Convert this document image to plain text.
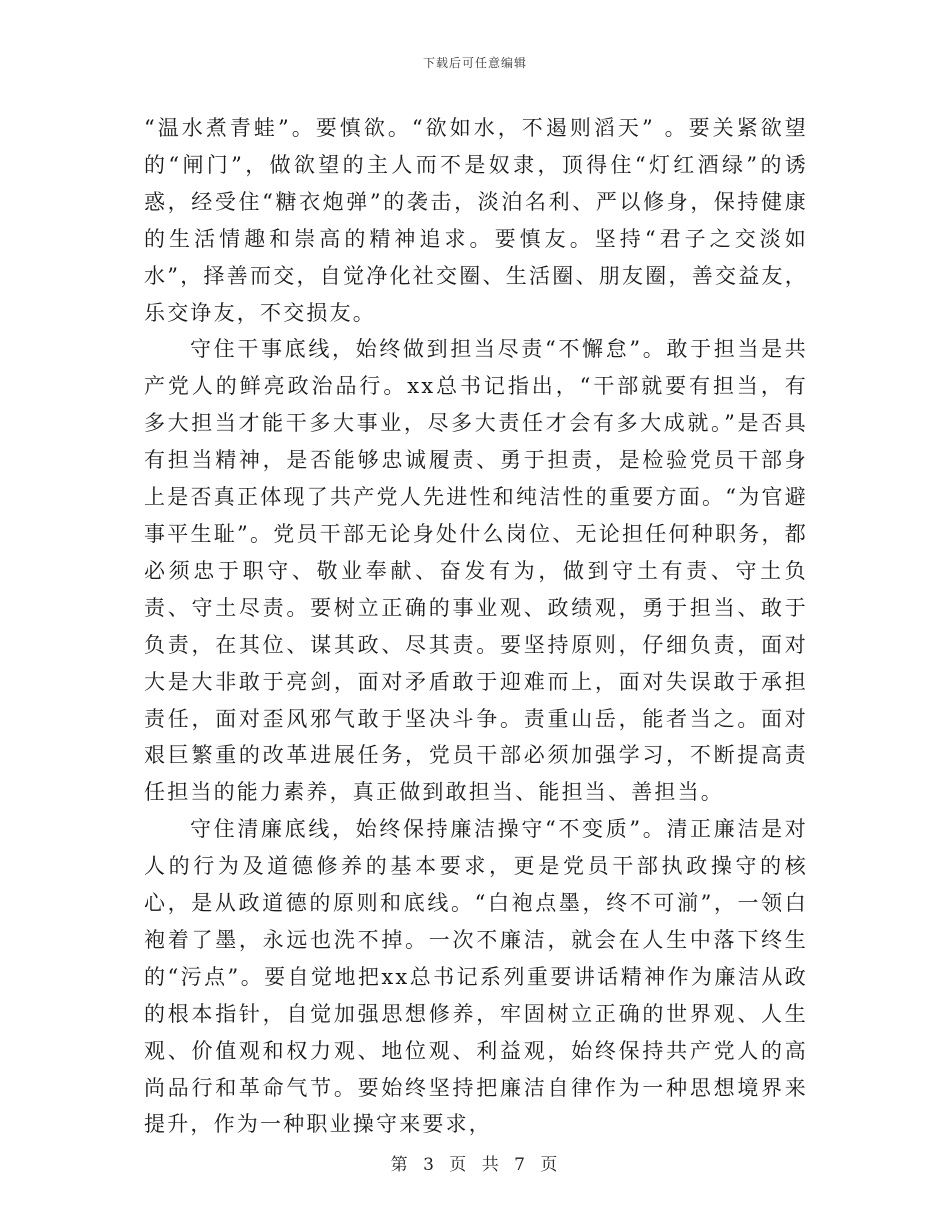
下载后可任意编辑

“温水煮青蛙”。要慎欲。“欲如水，不遏则滔天” 。要关紧欲望的“闸门”，做欲望的主人而不是奴隶，顶得住“灯红酒绿”的诱惑，经受住“糖衣炮弹”的袭击，淡泊名利、严以修身，保持健康的生活情趣和崇高的精神追求。要慎友。坚持“君子之交淡如水”，择善而交，自觉净化社交圈、生活圈、朋友圈，善交益友，乐交诤友，不交损友。

守住干事底线，始终做到担当尽责“不懈怠”。敢于担当是共产党人的鲜亮政治品行。xx总书记指出，“干部就要有担当，有多大担当才能干多大事业，尽多大责任才会有多大成就。”是否具有担当精神，是否能够忠诚履责、勇于担责，是检验党员干部身上是否真正体现了共产党人先进性和纯洁性的重要方面。“为官避事平生耻”。党员干部无论身处什么岗位、无论担任何种职务，都必须忠于职守、敬业奉献、奋发有为，做到守土有责、守土负责、守土尽责。要树立正确的事业观、政绩观，勇于担当、敢于负责，在其位、谋其政、尽其责。要坚持原则，仔细负责，面对大是大非敢于亮剑，面对矛盾敢于迎难而上，面对失误敢于承担责任，面对歪风邪气敢于坚决斗争。责重山岳，能者当之。面对艰巨繁重的改革进展任务，党员干部必须加强学习，不断提高责任担当的能力素养，真正做到敢担当、能担当、善担当。

守住清廉底线，始终保持廉洁操守“不变质”。清正廉洁是对人的行为及道德修养的基本要求，更是党员干部执政操守的核心，是从政道德的原则和底线。“白袍点墨，终不可湔”，一领白袍着了墨，永远也洗不掉。一次不廉洁，就会在人生中落下终生的“污点”。要自觉地把xx总书记系列重要讲话精神作为廉洁从政的根本指针，自觉加强思想修养，牢固树立正确的世界观、人生观、价值观和权力观、地位观、利益观，始终保持共产党人的高尚品行和革命气节。要始终坚持把廉洁自律作为一种思想境界来提升，作为一种职业操守来要求，

第 3 页 共 7 页
